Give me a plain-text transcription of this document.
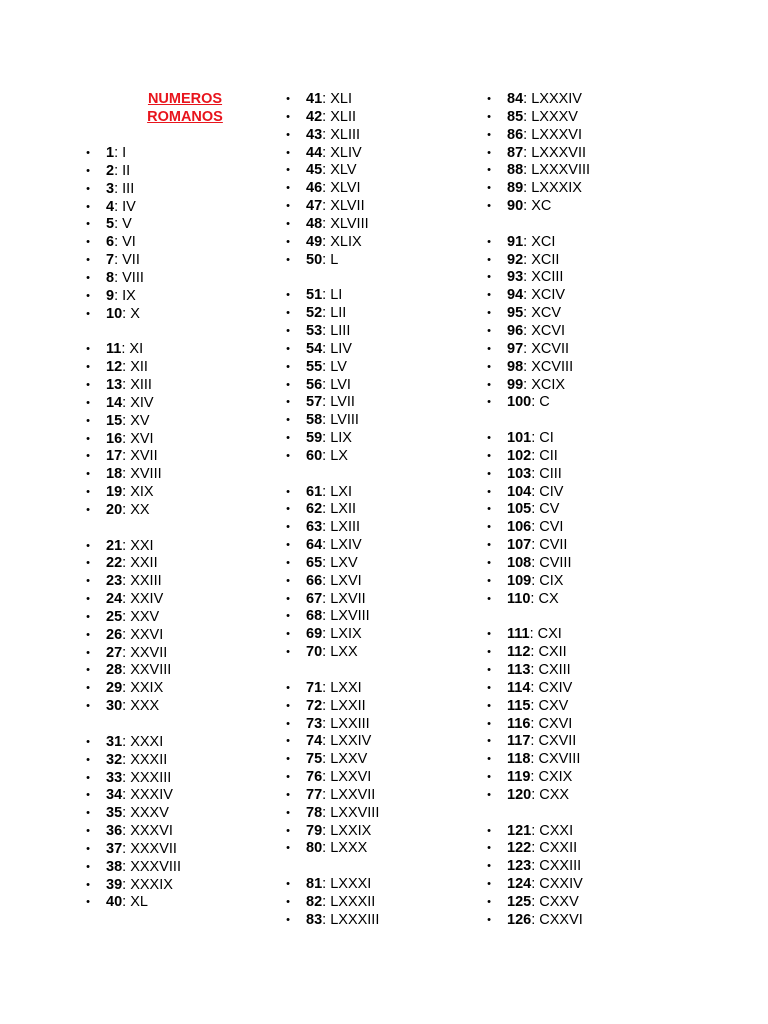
NUMEROS
ROMANOS
• 1: I
• 2: II
• 3: III
• 4: IV
• 5: V
• 6: VI
• 7: VII
• 8: VIII
• 9: IX
• 10: X
• 11: XI
• 12: XII
• 13: XIII
• 14: XIV
• 15: XV
• 16: XVI
• 17: XVII
• 18: XVIII
• 19: XIX
• 20: XX
• 21: XXI
• 22: XXII
• 23: XXIII
• 24: XXIV
• 25: XXV
• 26: XXVI
• 27: XXVII
• 28: XXVIII
• 29: XXIX
• 30: XXX
• 31: XXXI
• 32: XXXII
• 33: XXXIII
• 34: XXXIV
• 35: XXXV
• 36: XXXVI
• 37: XXXVII
• 38: XXXVIII
• 39: XXXIX
• 40: XL
• 41: XLI
• 42: XLII
• 43: XLIII
• 44: XLIV
• 45: XLV
• 46: XLVI
• 47: XLVII
• 48: XLVIII
• 49: XLIX
• 50: L
• 51: LI
• 52: LII
• 53: LIII
• 54: LIV
• 55: LV
• 56: LVI
• 57: LVII
• 58: LVIII
• 59: LIX
• 60: LX
• 61: LXI
• 62: LXII
• 63: LXIII
• 64: LXIV
• 65: LXV
• 66: LXVI
• 67: LXVII
• 68: LXVIII
• 69: LXIX
• 70: LXX
• 71: LXXI
• 72: LXXII
• 73: LXXIII
• 74: LXXIV
• 75: LXXV
• 76: LXXVI
• 77: LXXVII
• 78: LXXVIII
• 79: LXXIX
• 80: LXXX
• 81: LXXXI
• 82: LXXXII
• 83: LXXXIII
• 84: LXXXIV
• 85: LXXXV
• 86: LXXXVI
• 87: LXXXVII
• 88: LXXXVIII
• 89: LXXXIX
• 90: XC
• 91: XCI
• 92: XCII
• 93: XCIII
• 94: XCIV
• 95: XCV
• 96: XCVI
• 97: XCVII
• 98: XCVIII
• 99: XCIX
• 100: C
• 101: CI
• 102: CII
• 103: CIII
• 104: CIV
• 105: CV
• 106: CVI
• 107: CVII
• 108: CVIII
• 109: CIX
• 110: CX
• 111: CXI
• 112: CXII
• 113: CXIII
• 114: CXIV
• 115: CXV
• 116: CXVI
• 117: CXVII
• 118: CXVIII
• 119: CXIX
• 120: CXX
• 121: CXXI
• 122: CXXII
• 123: CXXIII
• 124: CXXIV
• 125: CXXV
• 126: CXXVI
